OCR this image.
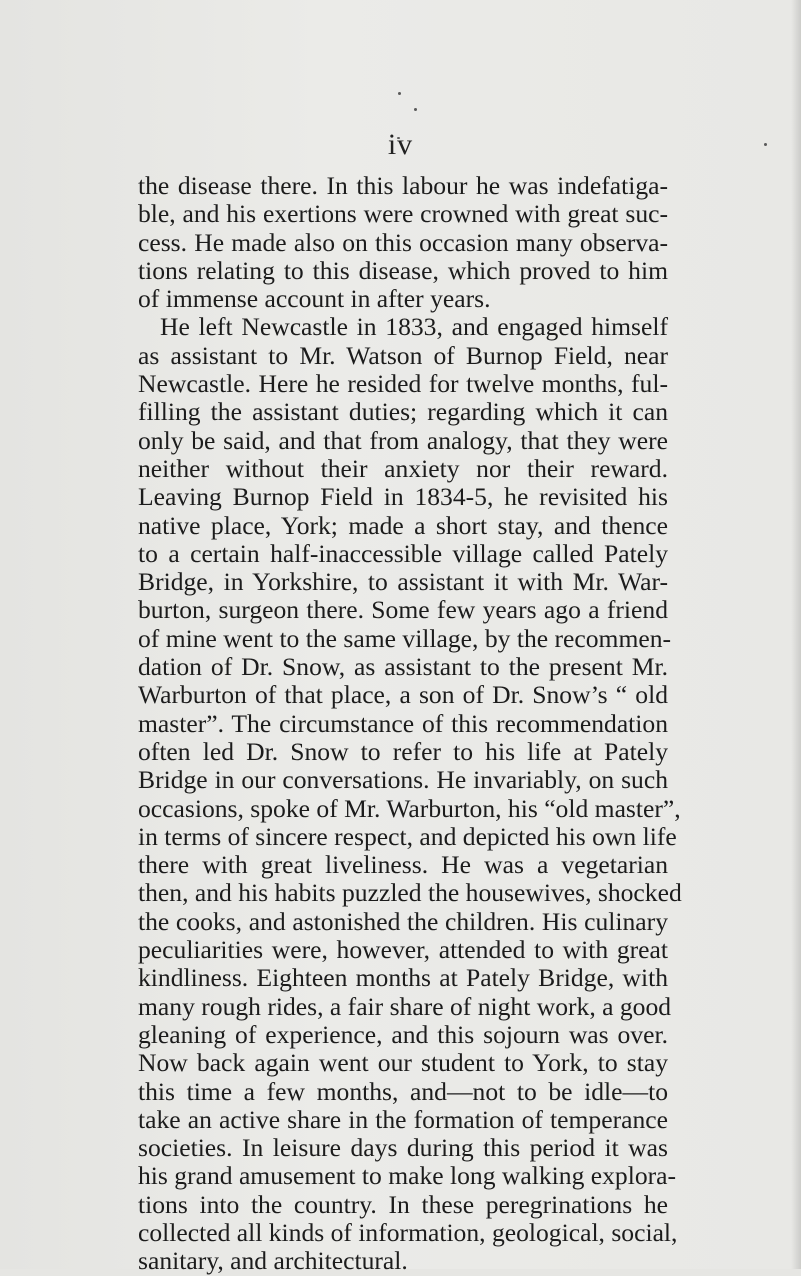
iv
the disease there. In this labour he was indefatiga-
ble, and his exertions were crowned with great suc-
cess. He made also on this occasion many observa-
tions relating to this disease, which proved to him
of immense account in after years.
He left Newcastle in 1833, and engaged himself
as assistant to Mr. Watson of Burnop Field, near
Newcastle. Here he resided for twelve months, ful-
filling the assistant duties; regarding which it can
only be said, and that from analogy, that they were
neither without their anxiety nor their reward.
Leaving Burnop Field in 1834-5, he revisited his
native place, York; made a short stay, and thence
to a certain half-inaccessible village called Pately
Bridge, in Yorkshire, to assistant it with Mr. War-
burton, surgeon there. Some few years ago a friend
of mine went to the same village, by the recommen-
dation of Dr. Snow, as assistant to the present Mr.
Warburton of that place, a son of Dr. Snow’s “ old
master”. The circumstance of this recommendation
often led Dr. Snow to refer to his life at Pately
Bridge in our conversations. He invariably, on such
occasions, spoke of Mr. Warburton, his “old master”,
in terms of sincere respect, and depicted his own life
there with great liveliness. He was a vegetarian
then, and his habits puzzled the housewives, shocked
the cooks, and astonished the children. His culinary
peculiarities were, however, attended to with great
kindliness. Eighteen months at Pately Bridge, with
many rough rides, a fair share of night work, a good
gleaning of experience, and this sojourn was over.
Now back again went our student to York, to stay
this time a few months, and—not to be idle—to
take an active share in the formation of temperance
societies. In leisure days during this period it was
his grand amusement to make long walking explora-
tions into the country. In these peregrinations he
collected all kinds of information, geological, social,
sanitary, and architectural.
